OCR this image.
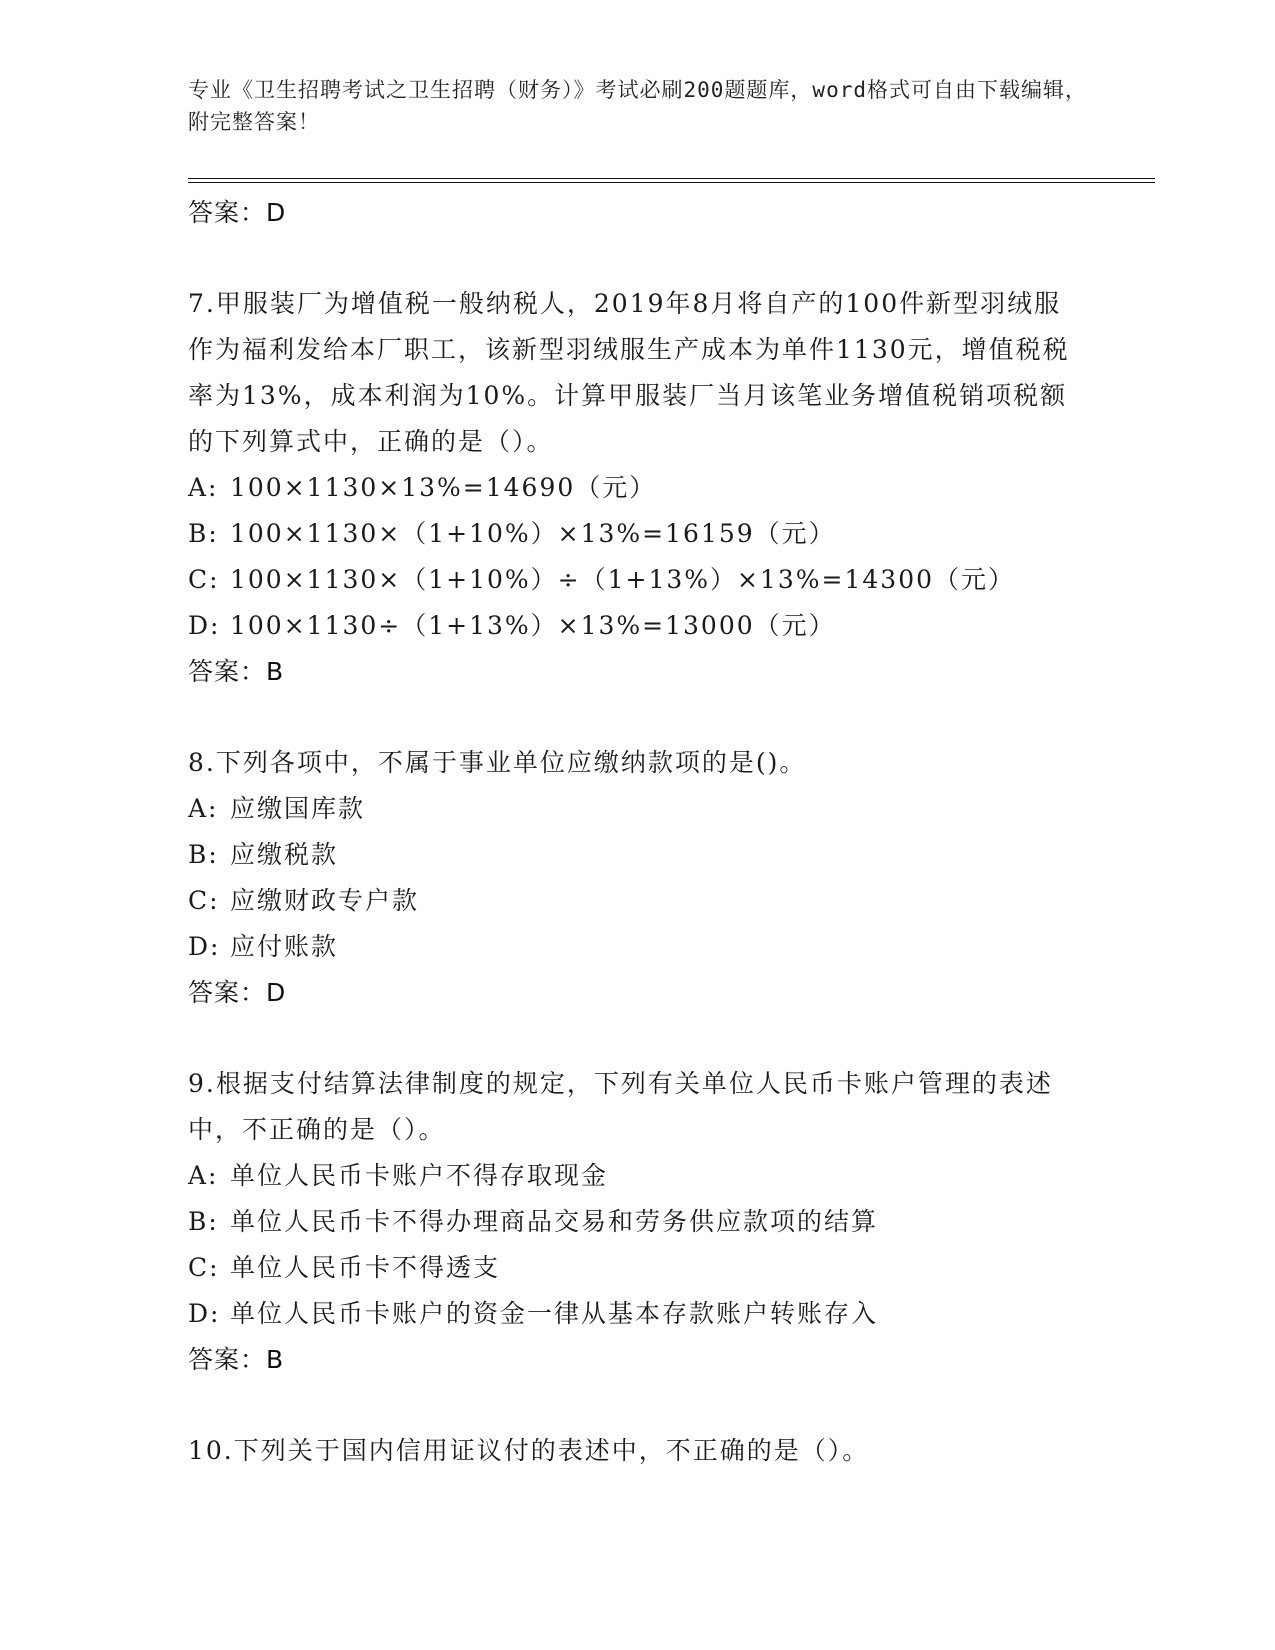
专业《卫生招聘考试之卫生招聘（财务）》考试必刷200题题库，word格式可自由下载编辑，附完整答案！
答案：D
7.甲服装厂为增值税一般纳税人，2019年8月将自产的100件新型羽绒服作为福利发给本厂职工，该新型羽绒服生产成本为单件1130元，增值税税率为13%，成本利润为10%。计算甲服装厂当月该笔业务增值税销项税额的下列算式中，正确的是（）。
A: 100×1130×13%=14690（元）
B: 100×1130×（1+10%）×13%=16159（元）
C: 100×1130×（1+10%）÷（1+13%）×13%=14300（元）
D: 100×1130÷（1+13%）×13%=13000（元）
答案：B
8.下列各项中，不属于事业单位应缴纳款项的是()。
A: 应缴国库款
B: 应缴税款
C: 应缴财政专户款
D: 应付账款
答案：D
9.根据支付结算法律制度的规定，下列有关单位人民币卡账户管理的表述中，不正确的是（）。
A: 单位人民币卡账户不得存取现金
B: 单位人民币卡不得办理商品交易和劳务供应款项的结算
C: 单位人民币卡不得透支
D: 单位人民币卡账户的资金一律从基本存款账户转账存入
答案：B
10.下列关于国内信用证议付的表述中，不正确的是（）。
